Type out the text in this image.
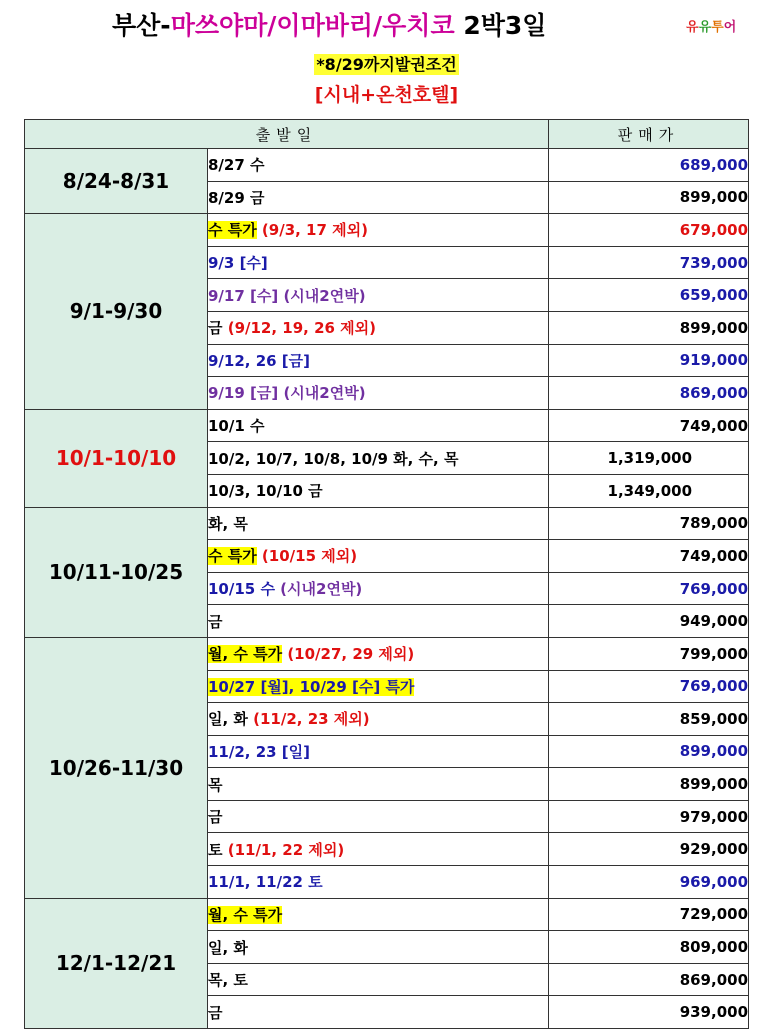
부산-마쓰야마/이마바리/우치코 2박3일	유유투어
*8/29까지발권조건
[시내+온천호텔]
출발일		판매가
8/24-8/31	8/27 수	689,000
	8/29 금	899,000
9/1-9/30	수 특가 (9/3, 17 제외)	679,000
	9/3 [수]	739,000
	9/17 [수] (시내2연박)	659,000
	금 (9/12, 19, 26 제외)	899,000
	9/12, 26 [금]	919,000
	9/19 [금] (시내2연박)	869,000
10/1-10/10	10/1 수	749,000
	10/2, 10/7, 10/8, 10/9 화, 수, 목	1,319,000
	10/3, 10/10 금	1,349,000
10/11-10/25	화, 목	789,000
	수 특가 (10/15 제외)	749,000
	10/15 수 (시내2연박)	769,000
	금	949,000
10/26-11/30	월, 수 특가 (10/27, 29 제외)	799,000
	10/27 [월], 10/29 [수] 특가	769,000
	일, 화 (11/2, 23 제외)	859,000
	11/2, 23 [일]	899,000
	목	899,000
	금	979,000
	토 (11/1, 22 제외)	929,000
	11/1, 11/22 토	969,000
12/1-12/21	월, 수 특가	729,000
	일, 화	809,000
	목, 토	869,000
	금	939,000
